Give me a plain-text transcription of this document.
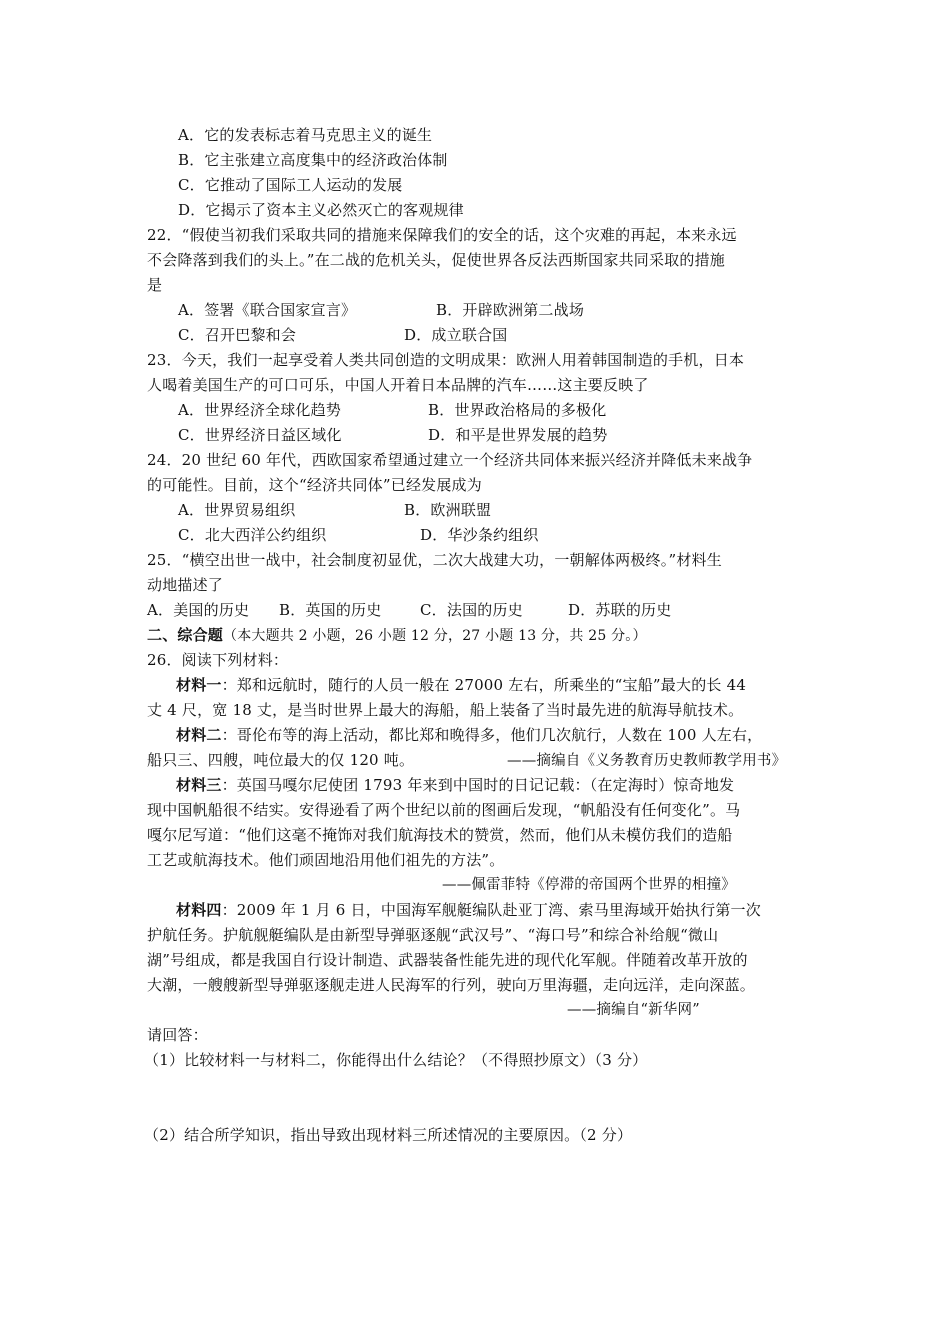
A．它的发表标志着马克思主义的诞生
B．它主张建立高度集中的经济政治体制
C．它推动了国际工人运动的发展
D．它揭示了资本主义必然灭亡的客观规律
22．“假使当初我们采取共同的措施来保障我们的安全的话，这个灾难的再起，本来永远
不会降落到我们的头上。”在二战的危机关头，促使世界各反法西斯国家共同采取的措施
是
A．签署《联合国家宣言》	B．开辟欧洲第二战场
C．召开巴黎和会	D．成立联合国
23．今天，我们一起享受着人类共同创造的文明成果：欧洲人用着韩国制造的手机，日本
人喝着美国生产的可口可乐，中国人开着日本品牌的汽车……这主要反映了
A．世界经济全球化趋势	B．世界政治格局的多极化
C．世界经济日益区域化	D．和平是世界发展的趋势
24．20 世纪 60 年代，西欧国家希望通过建立一个经济共同体来振兴经济并降低未来战争
的可能性。目前，这个“经济共同体”已经发展成为
A．世界贸易组织	B．欧洲联盟
C．北大西洋公约组织	D．华沙条约组织
25．“横空出世一战中，社会制度初显优，二次大战建大功，一朝解体两极终。”材料生
动地描述了
A．美国的历史 B．英国的历史	C．法国的历史	D．苏联的历史
二、综合题（本大题共 2 小题，26 小题 12 分，27 小题 13 分，共 25 分。）
26．阅读下列材料：
材料一：郑和远航时，随行的人员一般在 27000 左右，所乘坐的“宝船”最大的长 44
丈 4 尺，宽 18 丈，是当时世界上最大的海船，船上装备了当时最先进的航海导航技术。
材料二：哥伦布等的海上活动，都比郑和晚得多，他们几次航行，人数在 100 人左右，
船只三、四艘，吨位最大的仅 120 吨。	——摘编自《义务教育历史教师教学用书》
材料三：英国马嘎尔尼使团 1793 年来到中国时的日记记载：（在定海时）惊奇地发
现中国帆船很不结实。安得逊看了两个世纪以前的图画后发现，“帆船没有任何变化”。马
嘎尔尼写道：“他们这毫不掩饰对我们航海技术的赞赏，然而，他们从未模仿我们的造船
工艺或航海技术。他们顽固地沿用他们祖先的方法”。
——佩雷菲特《停滞的帝国两个世界的相撞》
材料四：2009 年 1 月 6 日，中国海军舰艇编队赴亚丁湾、索马里海域开始执行第一次
护航任务。护航舰艇编队是由新型导弹驱逐舰“武汉号”、“海口号”和综合补给舰“微山
湖”号组成，都是我国自行设计制造、武器装备性能先进的现代化军舰。伴随着改革开放的
大潮，一艘艘新型导弹驱逐舰走进人民海军的行列，驶向万里海疆，走向远洋，走向深蓝。
——摘编自“新华网”
请回答：
（1）比较材料一与材料二，你能得出什么结论？（不得照抄原文）（3 分）
（2）结合所学知识，指出导致出现材料三所述情况的主要原因。（2 分）
